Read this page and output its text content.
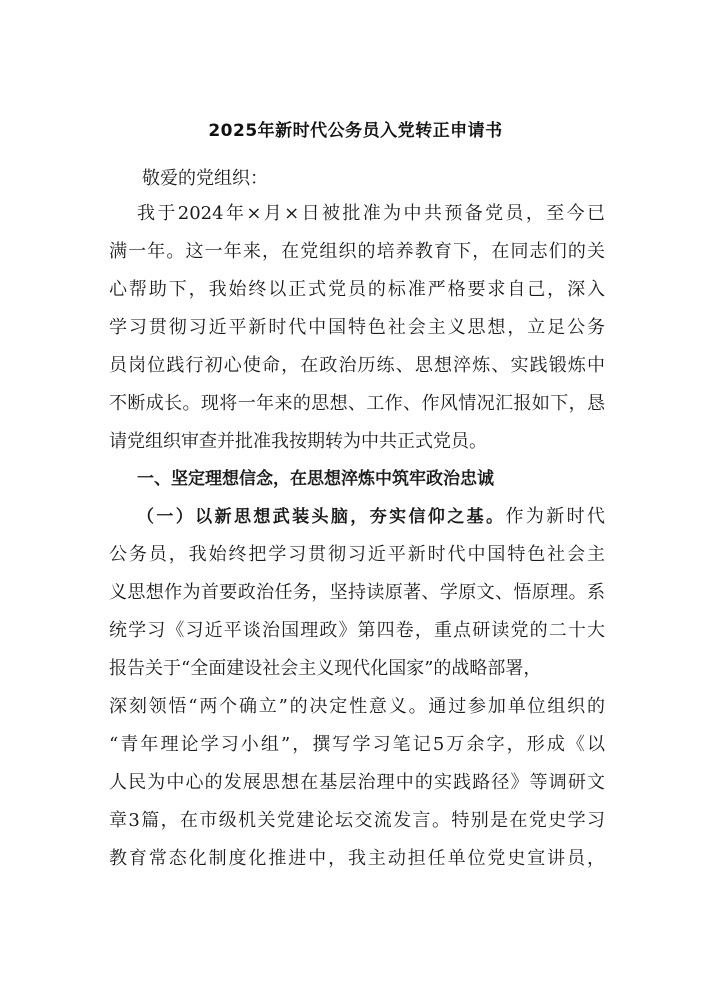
2025年新时代公务员入党转正申请书
敬爱的党组织：
我于2024年×月×日被批准为中共预备党员，至今已
满一年。这一年来，在党组织的培养教育下，在同志们的关
心帮助下，我始终以正式党员的标准严格要求自己，深入
学习贯彻习近平新时代中国特色社会主义思想，立足公务
员岗位践行初心使命，在政治历练、思想淬炼、实践锻炼中
不断成长。现将一年来的思想、工作、作风情况汇报如下，恳
请党组织审查并批准我按期转为中共正式党员。
一、坚定理想信念，在思想淬炼中筑牢政治忠诚
（一）以新思想武装头脑，夯实信仰之基。作为新时代
公务员，我始终把学习贯彻习近平新时代中国特色社会主
义思想作为首要政治任务，坚持读原著、学原文、悟原理。系
统学习《习近平谈治国理政》第四卷，重点研读党的二十大
报告关于“全面建设社会主义现代化国家”的战略部署，
深刻领悟“两个确立”的决定性意义。通过参加单位组织的
“青年理论学习小组”，撰写学习笔记5万余字，形成《以
人民为中心的发展思想在基层治理中的实践路径》等调研文
章3篇，在市级机关党建论坛交流发言。特别是在党史学习
教育常态化制度化推进中，我主动担任单位党史宣讲员，
